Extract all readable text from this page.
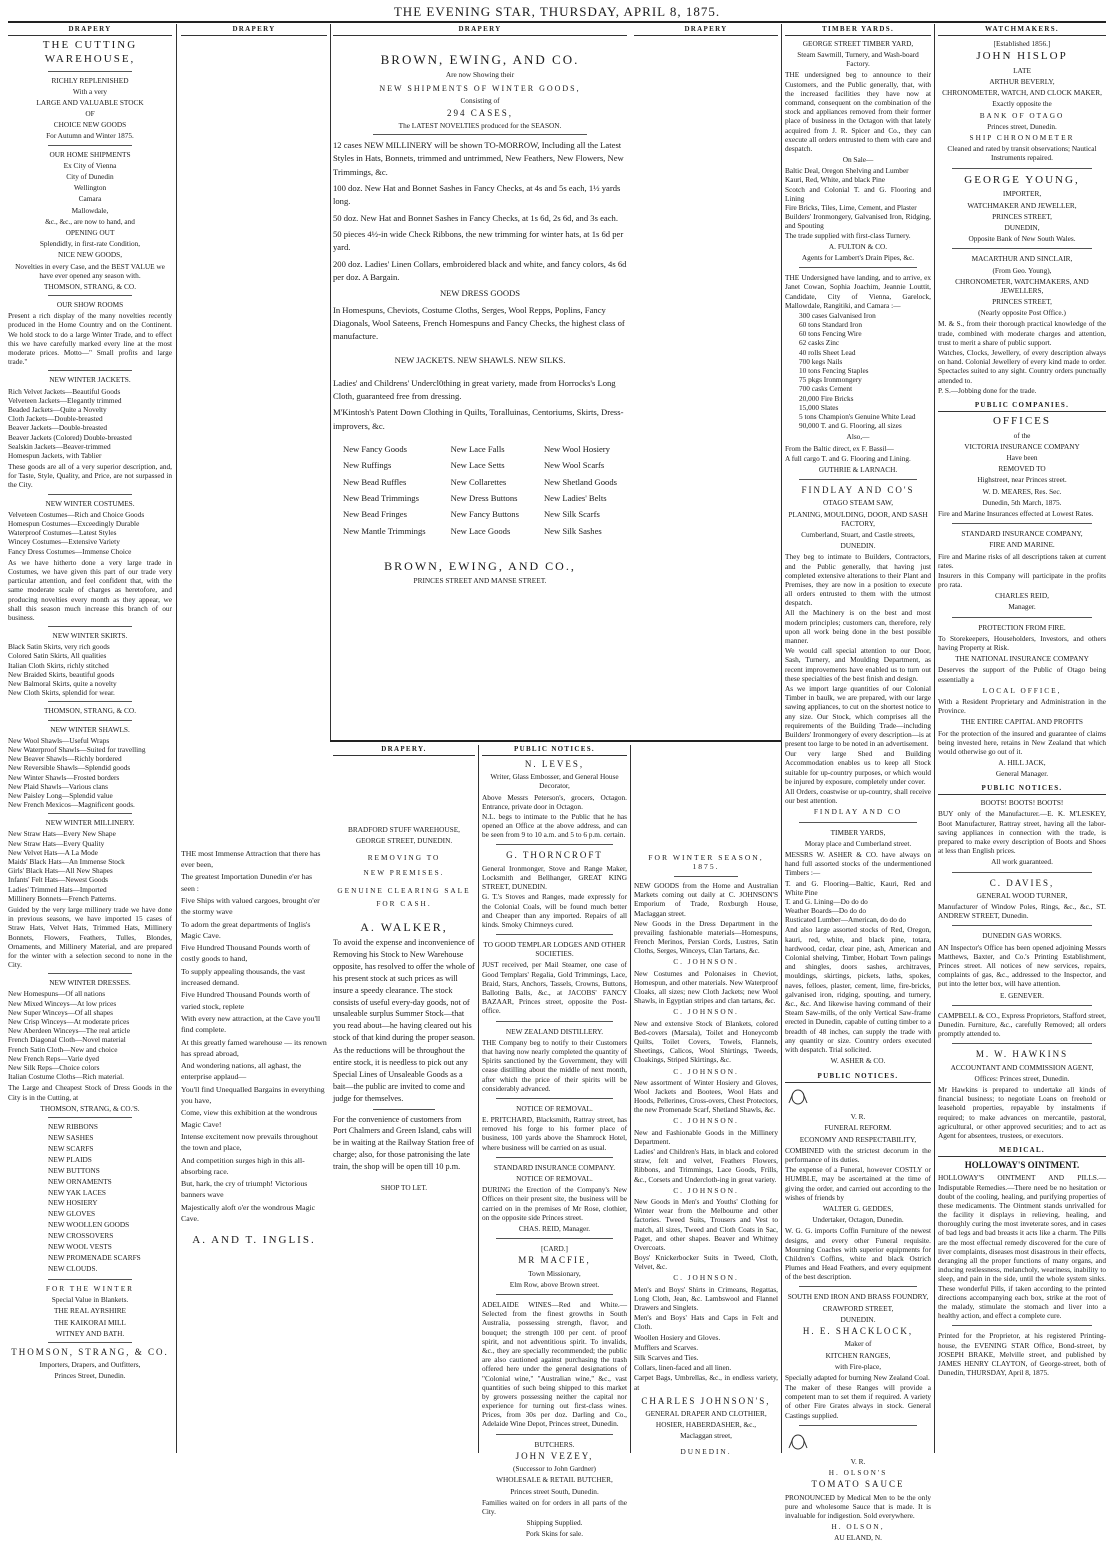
THE EVENING STAR, THURSDAY, APRIL 8, 1875.
DRAPERY
THE CUTTING WAREHOUSE,
RICHLY REPLENISHED
With a very
LARGE AND VALUABLE STOCK
OF
CHOICE NEW GOODS
For Autumn and Winter 1875.
OUR HOME SHIPMENTS
Ex City of Vienna
City of Dunedin
Wellington
Camara
Mallowdale,
&c., &c., are now to hand, and
OPENING OUT
Splendidly, in first-rate Condition,
NICE NEW GOODS,
Novelties in every Case, and the BEST VALUE we have ever opened any season with.
THOMSON, STRANG, & CO.
OUR SHOW ROOMS

Present a rich display of the many novelties recently produced in the Home Country and on the Continent. We hold stock to do a large Winter Trade, and to effect this we have carefully marked every line at the most moderate prices. Motto—" Small profits and large trade."

NEW WINTER JACKETS.

Rich Velvet Jackets—Beautiful Goods

Velveteen Jackets—Elegantly trimmed

Beaded Jackets—Quite a Novelty

Cloth Jackets—Double-breasted

Beaver Jackets—Double-breasted

Beaver Jackets (Colored) Double-breasted

Sealskin Jackets—Beaver-trimmed

Homespun Jackets, with Tablier

These goods are all of a very superior description, and, for Taste, Style, Quality, and Price, are not surpassed in the City.

NEW WINTER COSTUMES.

Velveteen Costumes—Rich and Choice Goods

Homespun Costumes—Exceedingly Durable

Waterproof Costumes—Latest Styles

Wincey Costumes—Extensive Variety

Fancy Dress Costumes—Immense Choice

As we have hitherto done a very large trade in Costumes, we have given this part of our trade very particular attention, and feel confident that, with the same moderate scale of charges as heretofore, and producing novelties every month as they appear, we shall this season much increase this branch of our business.

NEW WINTER SKIRTS.

Black Satin Skirts, very rich goods

Colored Satin Skirts, All qualities

Italian Cloth Skirts, richly stitched

New Braided Skirts, beautiful goods

New Balmoral Skirts, quite a novelty

New Cloth Skirts, splendid for wear.

THOMSON, STRANG, & CO.
NEW WINTER SHAWLS.

New Wool Shawls—Useful Wraps

New Waterproof Shawls—Suited for travelling

New Beaver Shawls—Richly bordered

New Reversible Shawls—Splendid goods

New Winter Shawls—Frosted borders

New Plaid Shawls—Various clans

New Paisley Long—Splendid value

New French Mexicos—Magnificent goods.

NEW WINTER MILLINERY.

New Straw Hats—Every New Shape

New Straw Hats—Every Quality

New Velvet Hats—A La Mode

Maids' Black Hats—An Immense Stock

Girls' Black Hats—All New Shapes

Infants' Felt Hats—Newest Goods

Ladies' Trimmed Hats—Imported

Millinery Bonnets—French Patterns.

Guided by the very large millinery trade we have done in previous seasons, we have imported 15 cases of Straw Hats, Velvet Hats, Trimmed Hats, Millinery Bonnets, Flowers, Feathers, Tulles, Blondes, Ornaments, and Millinery Material, and are prepared for the winter with a selection second to none in the City.

NEW WINTER DRESSES.

New Homespuns—Of all nations

New Mixed Winceys—At low prices

New Super Winceys—Of all shapes

New Crisp Winceys—At moderate prices

New Aberdeen Winceys—The real article

French Diagonal Cloth—Novel material

French Satin Cloth—New and choice

New French Reps—Varie dyed

New Silk Reps—Choice colors

Italian Costume Cloths—Rich material.

The Large and Cheapest Stock of Dress Goods in the City is in the Cutting, at

THOMSON, STRANG, & CO.'S.
NEW RIBBONS
NEW SASHES
NEW SCARFS
NEW PLAIDS
NEW BUTTONS
NEW ORNAMENTS
NEW YAK LACES
NEW HOSIERY
NEW GLOVES
NEW WOOLLEN GOODS
NEW CROSSOVERS
NEW WOOL VESTS
NEW PROMENADE SCARFS
NEW CLOUDS.
FOR THE WINTER
Special Value in Blankets.
THE REAL AYRSHIRE
THE KAIKORAI MILL
WITNEY AND BATH.
THOMSON, STRANG, & CO.
Importers, Drapers, and Outfitters,
Princes Street, Dunedin.
DRAPERY

THE most Immense Attraction that there has ever been,

The greatest Importation Dunedin e'er has seen :

Five Ships with valued cargoes, brought o'er the stormy wave

To adorn the great departments of Inglis's Magic Cave.

Five Hundred Thousand Pounds worth of costly goods to hand,

To supply appealing thousands, the vast increased demand.

Five Hundred Thousand Pounds worth of varied stock, replete

With every new attraction, at the Cave you'll find complete.

At this greatly famed warehouse — its renown has spread abroad,

And wondering nations, all aghast, the enterprise applaud—

You'll find Unequalled Bargains in everything you have,

Come, view this exhibition at the wondrous Magic Cave!

Intense excitement now prevails throughout the town and place,

And competition surges high in this all-absorbing race.

But, hark, the cry of triumph! Victorious banners wave

Majestically aloft o'er the wondrous Magic Cave.

A. AND T. INGLIS.
DRAPERY
BROWN, EWING, AND CO.
Are now Showing their
NEW SHIPMENTS OF WINTER GOODS,
Consisting of
294 CASES,
The LATEST NOVELTIES produced for the SEASON.

12 cases NEW MILLINERY will be shown TO-MORROW, Including all the Latest Styles in Hats, Bonnets, trimmed and untrimmed, New Feathers, New Flowers, New Trimmings, &c.

100 doz. New Hat and Bonnet Sashes in Fancy Checks, at 4s and 5s each, 1½ yards long.

50 doz. New Hat and Bonnet Sashes in Fancy Checks, at 1s 6d, 2s 6d, and 3s each.

50 pieces 4½-in wide Check Ribbons, the new trimming for winter hats, at 1s 6d per yard.

200 doz. Ladies' Linen Collars, embroidered black and white, and fancy colors, 4s 6d per doz. A Bargain.

NEW DRESS GOODS

In Homespuns, Cheviots, Costume Cloths, Serges, Wool Repps, Poplins, Fancy Diagonals, Wool Sateens, French Homespuns and Fancy Checks, the highest class of manufacture.

NEW JACKETS. NEW SHAWLS. NEW SILKS.

Ladies' and Childrens' Undercl0thing in great variety, made from Horrocks's Long Cloth, guaranteed free from dressing.

M'Kintosh's Patent Down Clothing in Quilts, Toralluinas, Centoriums, Skirts, Dress-improvers, &c.

New Fancy Goods

New Ruffings

New Bead Ruffles

New Bead Trimmings

New Bead Fringes

New Mantle Trimmings

New Lace Falls

New Lace Setts

New Collarettes

New Dress Buttons

New Fancy Buttons

New Lace Goods

New Wool Hosiery

New Wool Scarfs

New Shetland Goods

New Ladies' Belts

New Silk Scarfs

New Silk Sashes

BROWN, EWING, AND CO.,
PRINCES STREET AND MANSE STREET.
DRAPERY.
BRADFORD STUFF WAREHOUSE,
GEORGE STREET, DUNEDIN.
REMOVING TO
NEW PREMISES.
GENUINE CLEARING SALE
FOR CASH.
A. WALKER,

To avoid the expense and inconvenience of Removing his Stock to New Warehouse opposite, has resolved to offer the whole of his present stock at such prices as will insure a speedy clearance. The stock consists of useful every-day goods, not of unsaleable surplus Summer Stock—that you read about—he having cleared out his stock of that kind during the proper season.

As the reductions will be throughout the entire stock, it is needless to pick out any Special Lines of Unsaleable Goods as a bait—the public are invited to come and judge for themselves.

For the convenience of customers from Port Chalmers and Green Island, cabs will be in waiting at the Railway Station free of charge; also, for those patronising the late train, the shop will be open till 10 p.m.

SHOP TO LET.
PUBLIC NOTICES.
N. LEVES,
Writer, Glass Embosser, and General House Decorator,

Above Messrs Peterson's, grocers, Octagon. Entrance, private door in Octagon.

N.L. begs to intimate to the Public that he has opened an Office at the above address, and can be seen from 9 to 10 a.m. and 5 to 6 p.m. certain.

G. THORNCROFT

General Ironmonger, Stove and Range Maker, Locksmith and Bellhanger, GREAT KING STREET, DUNEDIN.

G. T.'s Stoves and Ranges, made expressly for the Colonial Coals, will be found much better and Cheaper than any imported. Repairs of all kinds. Smoky Chimneys cured.

TO GOOD TEMPLAR LODGES AND OTHER SOCIETIES.

JUST received, per Mail Steamer, one case of Good Templars' Regalia, Gold Trimmings, Lace, Braid, Stars, Anchors, Tassels, Crowns, Buttons, Balloting Balls, &c., at JACOBS' FANCY BAZAAR, Princes street, opposite the Post-office.

NEW ZEALAND DISTILLERY.

THE Company beg to notify to their Customers that having now nearly completed the quantity of Spirits sanctioned by the Government, they will cease distilling about the middle of next month, after which the price of their spirits will be considerably advanced.

NOTICE OF REMOVAL.

E. PRITCHARD, Blacksmith, Rattray street, has removed his forge to his former place of business, 100 yards above the Shamrock Hotel, where business will be carried on as usual.

STANDARD INSURANCE COMPANY.
NOTICE OF REMOVAL.

DURING the Erection of the Company's New Offices on their present site, the business will be carried on in the premises of Mr Rose, clothier, on the opposite side Princes street.

CHAS. REID, Manager.
[CARD.]
MR MACFIE,
Town Missionary,
Elm Row, above Brown street.

ADELAIDE WINES—Red and White.—Selected from the finest growths in South Australia, possessing strength, flavor, and bouquet; the strength 100 per cent. of proof spirit, and not adventitious spirit. To invalids, &c., they are specially recommended; the public are also cautioned against purchasing the trash offered here under the general designations of "Colonial wine," "Australian wine," &c., vast quantities of such being shipped to this market by growers possessing neither the capital nor experience for turning out first-class wines. Prices, from 30s per doz. Darling and Co., Adelaide Wine Depot, Princes street, Dunedin.

BUTCHERS.
JOHN VEZEY,
(Successor to John Gardner)
WHOLESALE & RETAIL BUTCHER,
Princes street South, Dunedin.

Families waited on for orders in all parts of the City.

Shipping Supplied.
Pork Skins for sale.
DRAPERY
FOR WINTER SEASON, 1875.

NEW GOODS from the Home and Australian Markets coming out daily at C. JOHNSON'S Emporium of Trade, Roxburgh House, Maclaggan street.

New Goods in the Dress Department in the prevailing fashionable materials—Homespuns, French Merinos, Persian Cords, Lustres, Satin Cloths, Serges, Winceys, Clan Tartans, &c.

C. JOHNSON.

New Costumes and Polonaises in Cheviot, Homespun, and other materials. New Waterproof Cloaks, all sizes; new Cloth Jackets; new Wool Shawls, in Egyptian stripes and clan tartans, &c.

C. JOHNSON.

New and extensive Stock of Blankets, colored Bed-covers (Marsala), Toilet and Honeycomb Quilts, Toilet Covers, Towels, Flannels, Sheetings, Calicos, Wool Shirtings, Tweeds, Cloakings, Striped Skirtings, &c.

C. JOHNSON.

New assortment of Winter Hosiery and Gloves, Wool Jackets and Bootees, Wool Hats and Hoods, Pellerines, Cross-overs, Chest Protectors, the new Promenade Scarf, Shetland Shawls, &c.

C. JOHNSON.

New and Fashionable Goods in the Millinery Department.

Ladies' and Children's Hats, in black and colored straw, felt and velvet, Feathers Flowers, Ribbons, and Trimmings, Lace Goods, Frills, &c., Corsets and Undercloth-ing in great variety.

C. JOHNSON.

New Goods in Men's and Youths' Clothing for Winter wear from the Melbourne and other factories. Tweed Suits, Trousers and Vest to match, all sizes, Tweed and Cloth Coats in Sac, Paget, and other shapes. Beaver and Whitney Overcoats.

Boys' Knickerbocker Suits in Tweed, Cloth, Velvet, &c.

C. JOHNSON.

Men's and Boys' Shirts in Crimeans, Regattas, Long Cloth, Jean, &c. Lambswool and Flannel Drawers and Singlets.

Men's and Boys' Hats and Caps in Felt and Cloth.

Woollen Hosiery and Gloves.

Mufflers and Scarves.

Silk Scarves and Ties.

Collars, linen-faced and all linen.

Carpet Bags, Umbrellas, &c., in endless variety, at

CHARLES JOHNSON'S,
GENERAL DRAPER AND CLOTHIER,
HOSIER, HABERDASHER, &c.,
Maclaggan street,
DUNEDIN.
TIMBER YARDS.
GEORGE STREET TIMBER YARD,
Steam Sawmill, Turnery, and Wash-board Factory.

THE undersigned beg to announce to their Customers, and the Public generally, that, with the increased facilities they have now at command, consequent on the combination of the stock and appliances removed from their former place of business in the Octagon with that lately acquired from J. R. Spicer and Co., they can execute all orders entrusted to them with care and despatch.

On Sale—

Baltic Deal, Oregon Shelving and Lumber

Kauri, Red, White, and black Pine

Scotch and Colonial T. and G. Flooring and Lining

Fire Bricks, Tiles, Lime, Cement, and Plaster

Builders' Ironmongery, Galvanised Iron, Ridging, and Spouting

The trade supplied with first-class Turnery.

A. FULTON & CO.
Agents for Lambert's Drain Pipes, &c.

THE Undersigned have landing, and to arrive, ex Janet Cowan, Sophia Joachim, Jeannie Louttit, Candidate, City of Vienna, Garelock, Mallowdale, Rangitiki, and Camara :—

300 cases Galvanised Iron

60 tons Standard Iron

60 tons Fencing Wire

62 casks Zinc

40 rolls Sheet Lead

700 kegs Nails

10 tons Fencing Staples

75 pkgs Ironmongery

700 casks Cement

20,000 Fire Bricks

15,000 Slates

5 tons Champion's Genuine White Lead

90,000 T. and G. Flooring, all sizes

Also,—

From the Baltic direct, ex F. Bassil—

A full cargo T. and G. Flooring and Lining.

GUTHRIE & LARNACH.
FINDLAY AND CO'S
OTAGO STEAM SAW,
PLANING, MOULDING, DOOR, AND SASH FACTORY,
Cumberland, Stuart, and Castle streets,
DUNEDIN.

They beg to intimate to Builders, Contractors, and the Public generally, that having just completed extensive alterations to their Plant and Premises, they are now in a position to execute all orders entrusted to them with the utmost despatch.

All the Machinery is on the best and most modern principles; customers can, therefore, rely upon all work being done in the best possible manner.

We would call special attention to our Door, Sash, Turnery, and Moulding Department, as recent improvements have enabled us to turn out these specialties of the best finish and design.

As we import large quantities of our Colonial Timber in baulk, we are prepared, with our large sawing appliances, to cut on the shortest notice to any size. Our Stock, which comprises all the requirements of the Building Trade—including Builders' Ironmongery of every description—is at present too large to be noted in an advertisement.

Our very large Shed and Building Accommodation enables us to keep all Stock suitable for up-country purposes, or which would be injured by exposure, completely under cover.

All Orders, coastwise or up-country, shall receive our best attention.

FINDLAY AND CO
TIMBER YARDS,
Moray place and Cumberland street.

MESSRS W. ASHER & CO. have always on hand full assorted stocks of the undermentioned Timbers :—

T. and G. Flooring—Baltic, Kauri, Red and White Pine

T. and G. Lining—Do do do

Weather Boards—Do do do

Rusticated Lumber—American, do do do

And also large assorted stocks of Red, Oregon, kauri, red, white, and black pine, totara, hardwood, cedar, clear pine, ash, American and Colonial shelving, Timber, Hobart Town palings and shingles, doors sashes, architraves, mouldings, skirtings, pickets, laths, spokes, naves, felloes, plaster, cement, lime, fire-bricks, galvanised iron, ridging, spouting, and turnery, &c., &c. And likewise having command of their Steam Saw-mills, of the only Vertical Saw-frame erected in Dunedin, capable of cutting timber to a breadth of 48 inches, can supply the trade with any quantity or size. Country orders executed with despatch. Trial solicited.

W. ASHER & CO.
PUBLIC NOTICES.
V. R.
FUNERAL REFORM.
ECONOMY AND RESPECTABILITY,

COMBINED with the strictest decorum in the performance of its duties.

The expense of a Funeral, however COSTLY or HUMBLE, may be ascertained at the time of giving the order, and carried out according to the wishes of friends by

WALTER G. GEDDES,
Undertaker, Octagon, Dunedin.

W. G. G. imports Coffin Furniture of the newest designs, and every other Funeral requisite. Mourning Coaches with superior equipments for Children's Coffins, white and black Ostrich Plumes and Head Feathers, and every equipment of the best description.

SOUTH END IRON AND BRASS FOUNDRY,
CRAWFORD STREET,
DUNEDIN.
H. E. SHACKLOCK,
Maker of
KITCHEN RANGES,
with Fire-place,

Specially adapted for burning New Zealand Coal.

The maker of these Ranges will provide a competent man to set them if required. A variety of other Fire Grates always in stock. General Castings supplied.

V. R.
H. OLSON'S
TOMATO SAUCE

PRONOUNCED by Medical Men to be the only pure and wholesome Sauce that is made. It is invaluable for indigestion. Sold everywhere.

H. OLSON,
AU ELAND, N.
WATCHMAKERS.
[Established 1856.]
JOHN HISLOP
LATE
ARTHUR BEVERLY,
CHRONOMETER, WATCH, AND CLOCK MAKER,
Exactly opposite the
BANK OF OTAGO
Princes street, Dunedin.
SHIP CHRONOMETER
Cleaned and rated by transit observations; Nautical Instruments repaired.
GEORGE YOUNG,
IMPORTER,
WATCHMAKER AND JEWELLER,
PRINCES STREET,
DUNEDIN,
Opposite Bank of New South Wales.
MACARTHUR AND SINCLAIR,
(From Geo. Young),
CHRONOMETER, WATCHMAKERS, AND JEWELLERS,
PRINCES STREET,
(Nearly opposite Post Office.)

M. & S., from their thorough practical knowledge of the trade, combined with moderate charges and attention, trust to merit a share of public support.

Watches, Clocks, Jewellery, of every description always on hand. Colonial Jewellery of every kind made to order. Spectacles suited to any sight. Country orders punctually attended to.

P. S.—Jobbing done for the trade.

PUBLIC COMPANIES.
OFFICES
of the
VICTORIA INSURANCE COMPANY
Have been
REMOVED TO
Highstreet, near Princes street.
W. D. MEARES, Res. Sec.
Dunedin, 5th March, 1875.

Fire and Marine Insurances effected at Lowest Rates.

STANDARD INSURANCE COMPANY,
FIRE AND MARINE.

Fire and Marine risks of all descriptions taken at current rates.

Insurers in this Company will participate in the profits pro rata.

CHARLES REID,
Manager.
PROTECTION FROM FIRE.

To Storekeepers, Householders, Investors, and others having Property at Risk.

THE NATIONAL INSURANCE COMPANY

Deserves the support of the Public of Otago being essentially a

LOCAL OFFICE,

With a Resident Proprietary and Administration in the Province.

THE ENTIRE CAPITAL AND PROFITS

For the protection of the insured and guarantee of claims being invested here, retains in New Zealand that which would otherwise go out of it.

A. HILL JACK,
General Manager.
PUBLIC NOTICES.
BOOTS! BOOTS! BOOTS!

BUY only of the Manufacturer.—E. K. M'LESKEY, Boot Manufacturer, Rattray street, having all the labor-saving appliances in connection with the trade, is prepared to make every description of Boots and Shoes at less than English prices.

All work guaranteed.
C. DAVIES,
GENERAL WOOD TURNER,

Manufacturer of Window Poles, Rings, &c., &c., ST. ANDREW STREET, Dunedin.

DUNEDIN GAS WORKS.

AN Inspector's Office has been opened adjoining Messrs Matthews, Baxter, and Co.'s Printing Establishment, Princes street. All notices of new services, repairs, complaints of gas, &c., addressed to the Inspector, and put into the letter box, will have attention.

E. GENEVER.

CAMPBELL & CO., Express Proprietors, Stafford street, Dunedin. Furniture, &c., carefully Removed; all orders promptly attended to.

M. W. HAWKINS
ACCOUNTANT AND COMMISSION AGENT,
Offices: Princes street, Dunedin.

Mr Hawkins is prepared to undertake all kinds of financial business; to negotiate Loans on freehold or leasehold properties, repayable by instalments if required; to make advances on mercantile, pastoral, agricultural, or other approved securities; and to act as Agent for absentees, trustees, or executors.

MEDICAL.
HOLLOWAY'S OINTMENT.

HOLLOWAY'S OINTMENT AND PILLS.—Indisputable Remedies.—There need be no hesitation or doubt of the cooling, healing, and purifying properties of these medicaments. The Ointment stands unrivalled for the facility it displays in relieving, healing, and thoroughly curing the most inveterate sores, and in cases of bad legs and bad breasts it acts like a charm. The Pills are the most effectual remedy discovered for the cure of liver complaints, diseases most disastrous in their effects, deranging all the proper functions of many organs, and inducing restlessness, melancholy, weariness, inability to sleep, and pain in the side, until the whole system sinks. These wonderful Pills, if taken according to the printed directions accompanying each box, strike at the root of the malady, stimulate the stomach and liver into a healthy action, and effect a complete cure.

Printed for the Proprietor, at his registered Printing-house, the EVENING STAR Office, Bond-street, by JOSEPH BRAKE, Melville street, and published by JAMES HENRY CLAYTON, of George-street, both of Dunedin, THURSDAY, April 8, 1875.
